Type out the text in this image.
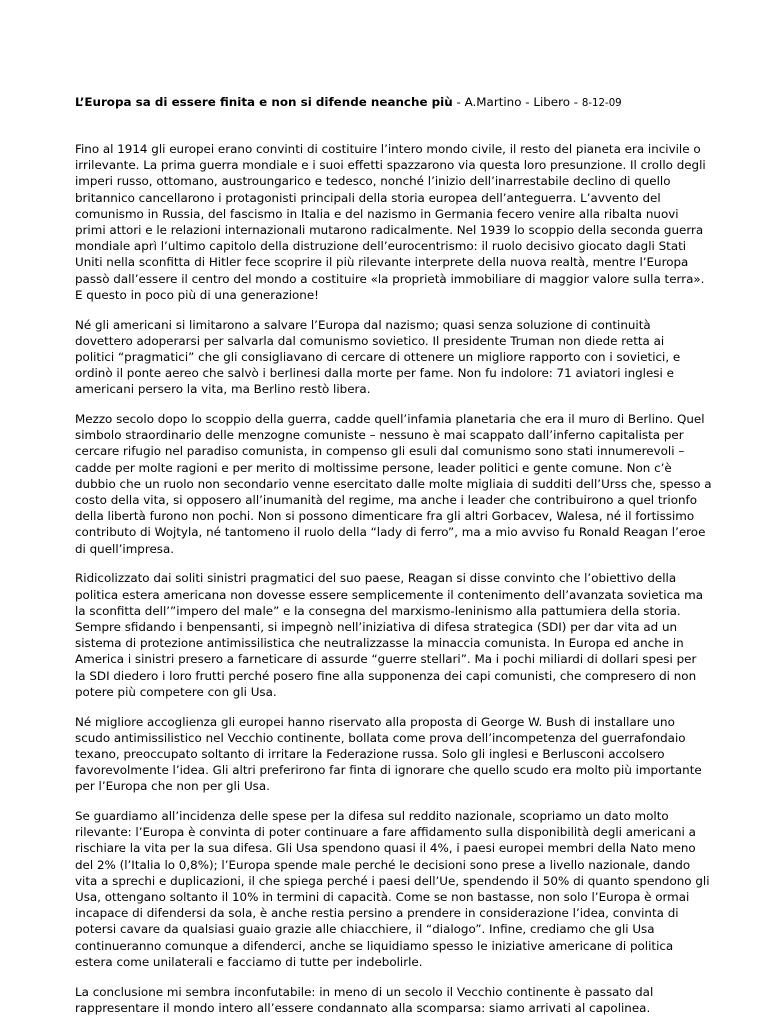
L’Europa sa di essere finita e non si difende neanche più - A.Martino - Libero - 8-12-09

Fino al 1914 gli europei erano convinti di costituire l’intero mondo civile, il resto del pianeta era incivile o
irrilevante. La prima guerra mondiale e i suoi effetti spazzarono via questa loro presunzione. Il crollo degli
imperi russo, ottomano, austroungarico e tedesco, nonché l’inizio dell’inarrestabile declino di quello
britannico cancellarono i protagonisti principali della storia europea dell’anteguerra. L’avvento del
comunismo in Russia, del fascismo in Italia e del nazismo in Germania fecero venire alla ribalta nuovi
primi attori e le relazioni internazionali mutarono radicalmente. Nel 1939 lo scoppio della seconda guerra
mondiale aprì l’ultimo capitolo della distruzione dell’eurocentrismo: il ruolo decisivo giocato dagli Stati
Uniti nella sconfitta di Hitler fece scoprire il più rilevante interprete della nuova realtà, mentre l’Europa
passò dall’essere il centro del mondo a costituire «la proprietà immobiliare di maggior valore sulla terra».
E questo in poco più di una generazione!

Né gli americani si limitarono a salvare l’Europa dal nazismo; quasi senza soluzione di continuità
dovettero adoperarsi per salvarla dal comunismo sovietico. Il presidente Truman non diede retta ai
politici “pragmatici” che gli consigliavano di cercare di ottenere un migliore rapporto con i sovietici, e
ordinò il ponte aereo che salvò i berlinesi dalla morte per fame. Non fu indolore: 71 aviatori inglesi e
americani persero la vita, ma Berlino restò libera.

Mezzo secolo dopo lo scoppio della guerra, cadde quell’infamia planetaria che era il muro di Berlino. Quel
simbolo straordinario delle menzogne comuniste – nessuno è mai scappato dall’inferno capitalista per
cercare rifugio nel paradiso comunista, in compenso gli esuli dal comunismo sono stati innumerevoli –
cadde per molte ragioni e per merito di moltissime persone, leader politici e gente comune. Non c’è
dubbio che un ruolo non secondario venne esercitato dalle molte migliaia di sudditi dell’Urss che, spesso a
costo della vita, si opposero all’inumanità del regime, ma anche i leader che contribuirono a quel trionfo
della libertà furono non pochi. Non si possono dimenticare fra gli altri Gorbacev, Walesa, né il fortissimo
contributo di Wojtyla, né tantomeno il ruolo della “lady di ferro”, ma a mio avviso fu Ronald Reagan l’eroe
di quell’impresa.

Ridicolizzato dai soliti sinistri pragmatici del suo paese, Reagan si disse convinto che l’obiettivo della
politica estera americana non dovesse essere semplicemente il contenimento dell’avanzata sovietica ma
la sconfitta dell’”impero del male” e la consegna del marxismo-leninismo alla pattumiera della storia.
Sempre sfidando i benpensanti, si impegnò nell’iniziativa di difesa strategica (SDI) per dar vita ad un
sistema di protezione antimissilistica che neutralizzasse la minaccia comunista. In Europa ed anche in
America i sinistri presero a farneticare di assurde “guerre stellari”. Ma i pochi miliardi di dollari spesi per
la SDI diedero i loro frutti perché posero fine alla supponenza dei capi comunisti, che compresero di non
potere più competere con gli Usa.

Né migliore accoglienza gli europei hanno riservato alla proposta di George W. Bush di installare uno
scudo antimissilistico nel Vecchio continente, bollata come prova dell’incompetenza del guerrafondaio
texano, preoccupato soltanto di irritare la Federazione russa. Solo gli inglesi e Berlusconi accolsero
favorevolmente l’idea. Gli altri preferirono far finta di ignorare che quello scudo era molto più importante
per l’Europa che non per gli Usa.

Se guardiamo all’incidenza delle spese per la difesa sul reddito nazionale, scopriamo un dato molto
rilevante: l’Europa è convinta di poter continuare a fare affidamento sulla disponibilità degli americani a
rischiare la vita per la sua difesa. Gli Usa spendono quasi il 4%, i paesi europei membri della Nato meno
del 2% (l’Italia lo 0,8%); l’Europa spende male perché le decisioni sono prese a livello nazionale, dando
vita a sprechi e duplicazioni, il che spiega perché i paesi dell’Ue, spendendo il 50% di quanto spendono gli
Usa, ottengano soltanto il 10% in termini di capacità. Come se non bastasse, non solo l’Europa è ormai
incapace di difendersi da sola, è anche restia persino a prendere in considerazione l’idea, convinta di
potersi cavare da qualsiasi guaio grazie alle chiacchiere, il “dialogo”. Infine, crediamo che gli Usa
continueranno comunque a difenderci, anche se liquidiamo spesso le iniziative americane di politica
estera come unilaterali e facciamo di tutte per indebolirle.

La conclusione mi sembra inconfutabile: in meno di un secolo il Vecchio continente è passato dal
rappresentare il mondo intero all’essere condannato alla scomparsa: siamo arrivati al capolinea.
